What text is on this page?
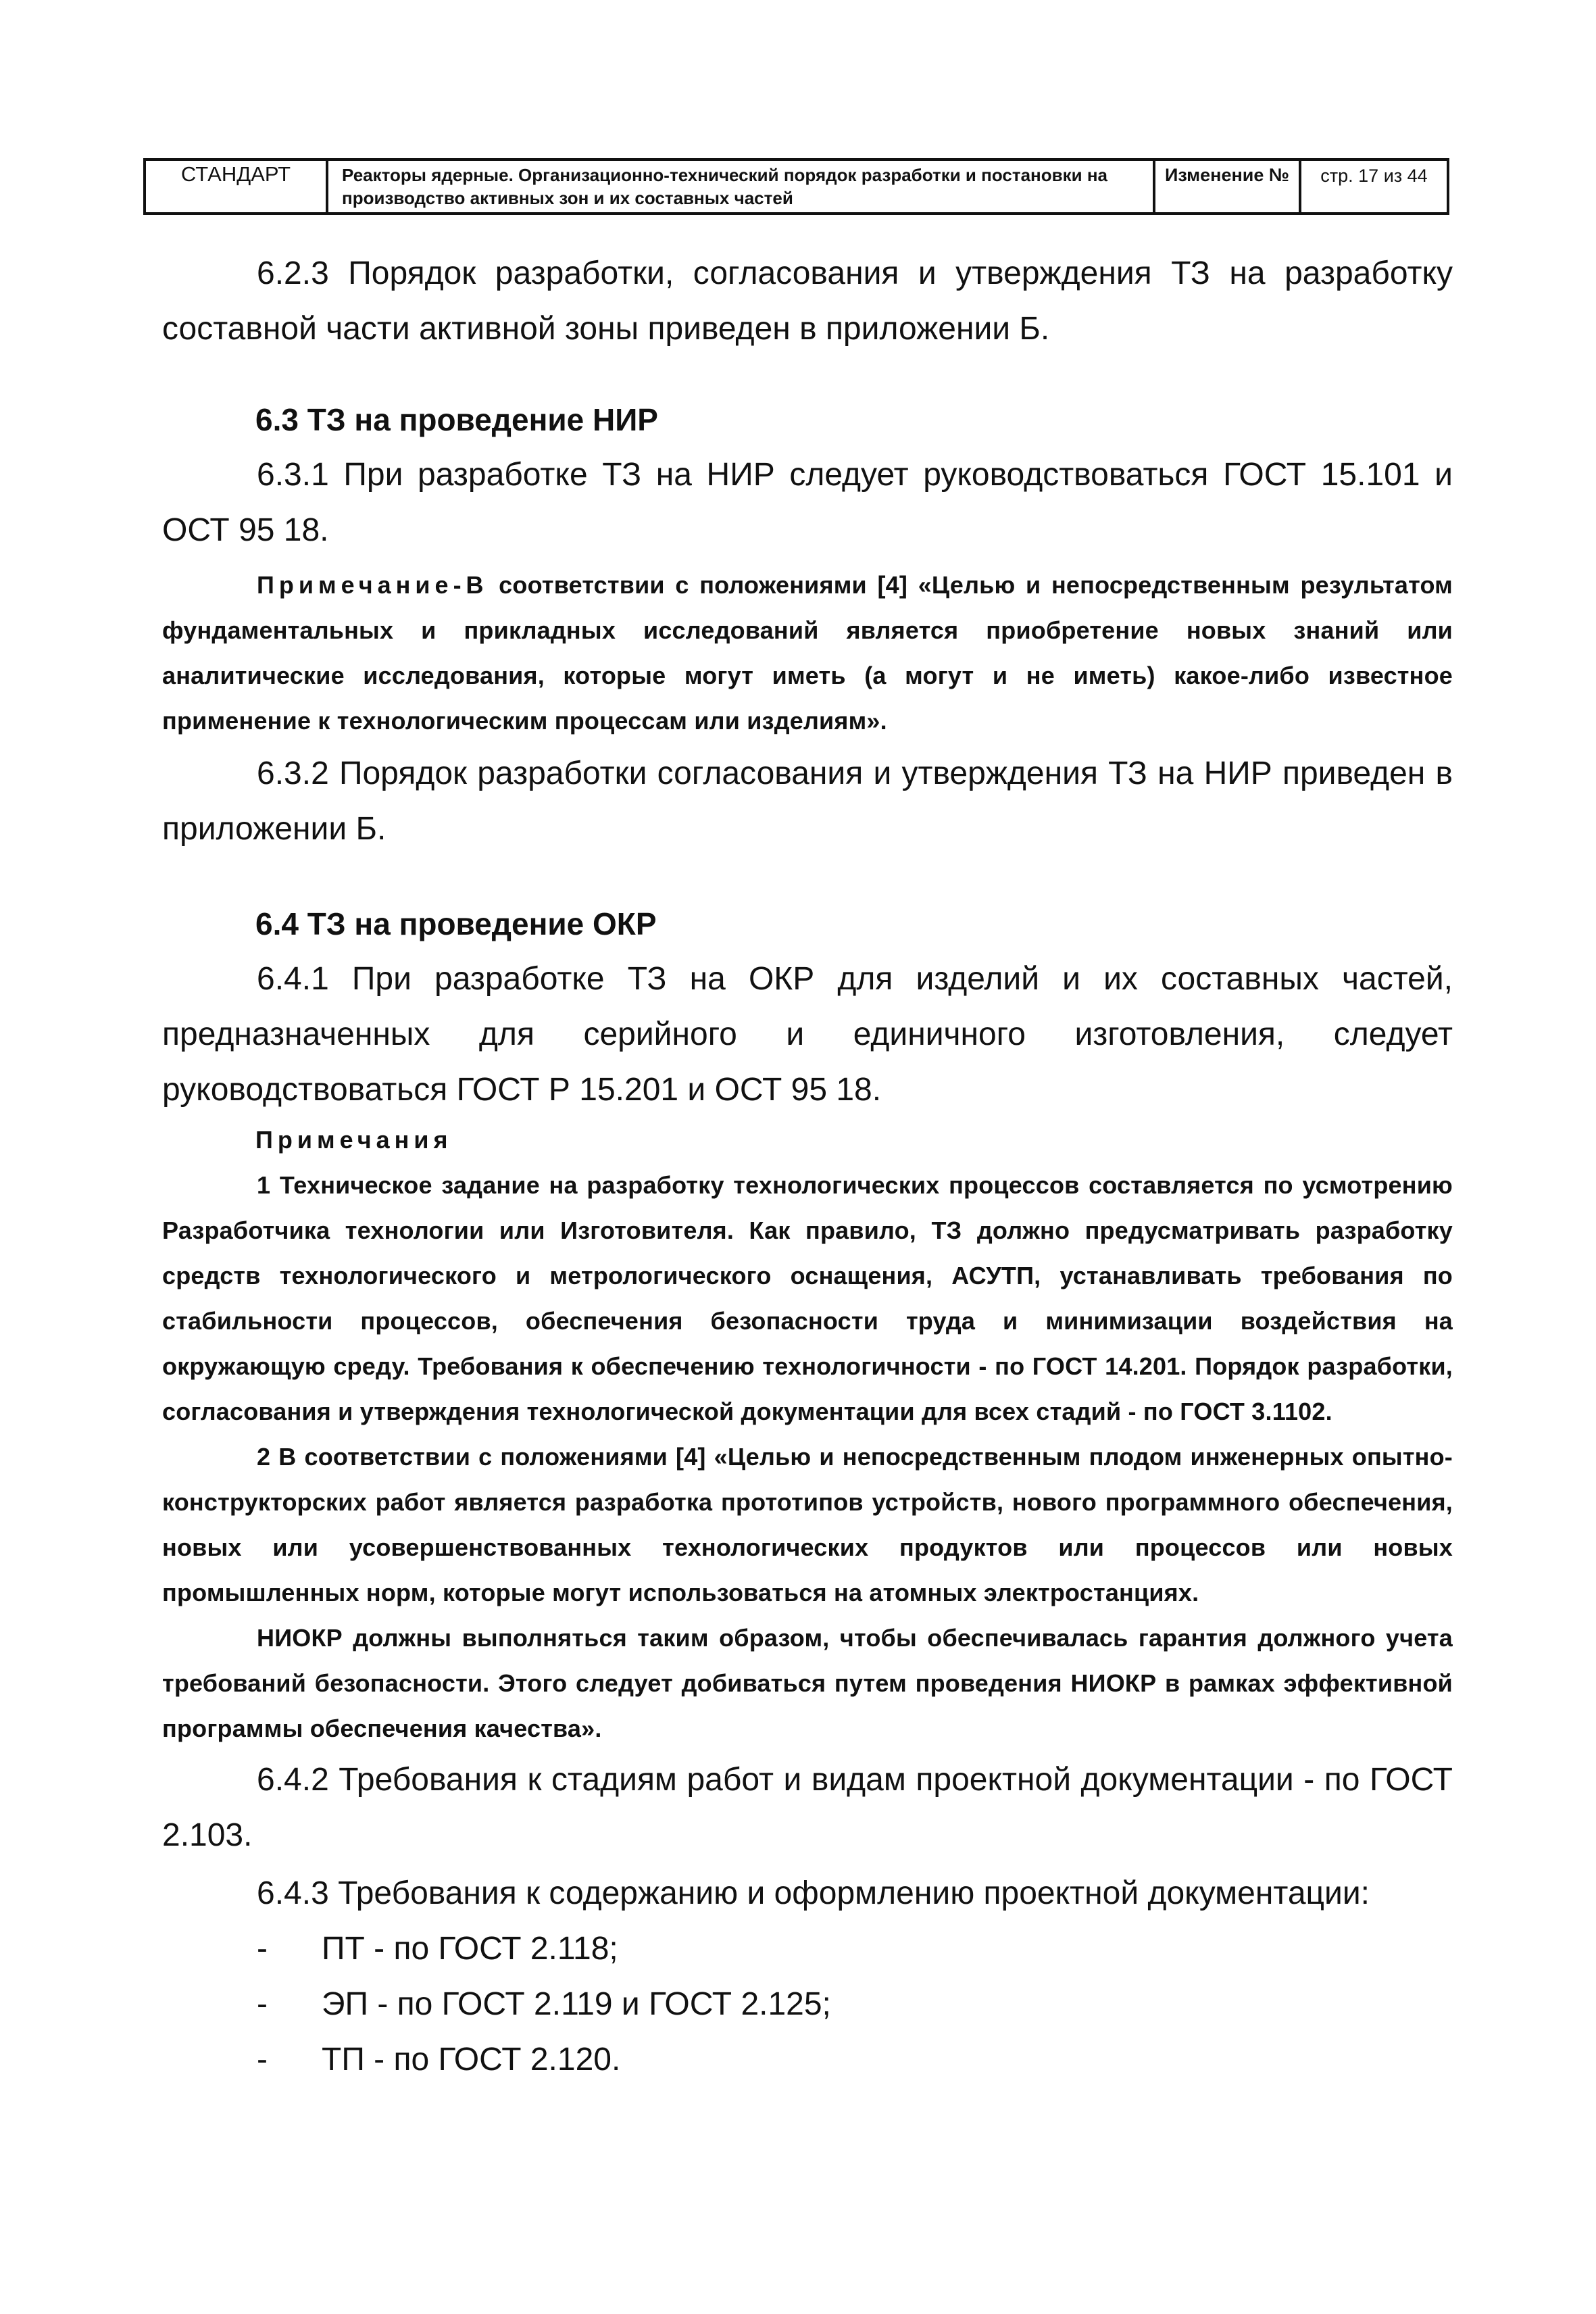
СТАНДАРТ	Реакторы ядерные. Организационно-технический порядок разработки и постановки на производство активных зон и их составных частей
Изменение №	стр. 17 из 44

6.2.3 Порядок разработки, согласования и утверждения ТЗ на разработку составной части активной зоны приведен в приложении Б.

6.3 ТЗ на проведение НИР

6.3.1 При разработке ТЗ на НИР следует руководствоваться ГОСТ 15.101 и ОСТ 95 18.

Примечание-В соответствии с положениями [4] «Целью и непосредственным результатом фундаментальных и прикладных исследований является приобретение новых знаний или аналитические исследования, которые могут иметь (а могут и не иметь) какое-либо известное применение к технологическим процессам или изделиям».

6.3.2 Порядок разработки согласования и утверждения ТЗ на НИР приведен в приложении Б.

6.4 ТЗ на проведение ОКР

6.4.1 При разработке ТЗ на ОКР для изделий и их составных частей, предназначенных для серийного и единичного изготовления, следует руководствоваться ГОСТ Р 15.201 и ОСТ 95 18.

Примечания

1 Техническое задание на разработку технологических процессов составляется по усмотрению Разработчика технологии или Изготовителя. Как правило, ТЗ должно предусматривать разработку средств технологического и метрологического оснащения, АСУТП, устанавливать требования по стабильности процессов, обеспечения безопасности труда и минимизации воздействия на окружающую среду. Требования к обеспечению технологичности - по ГОСТ 14.201. Порядок разработки, согласования и утверждения технологической документации для всех стадий - по ГОСТ 3.1102.

2 В соответствии с положениями [4] «Целью и непосредственным плодом инженерных опытно-конструкторских работ является разработка прототипов устройств, нового программного обеспечения, новых или усовершенствованных технологических продуктов или процессов или новых промышленных норм, которые могут использоваться на атомных электростанциях.

НИОКР должны выполняться таким образом, чтобы обеспечивалась гарантия должного учета требований безопасности. Этого следует добиваться путем проведения НИОКР в рамках эффективной программы обеспечения качества».

6.4.2 Требования к стадиям работ и видам проектной документации - по ГОСТ 2.103.

6.4.3 Требования к содержанию и оформлению проектной документации:

- ПТ - по ГОСТ 2.118;
- ЭП - по ГОСТ 2.119 и ГОСТ 2.125;
- ТП - по ГОСТ 2.120.
